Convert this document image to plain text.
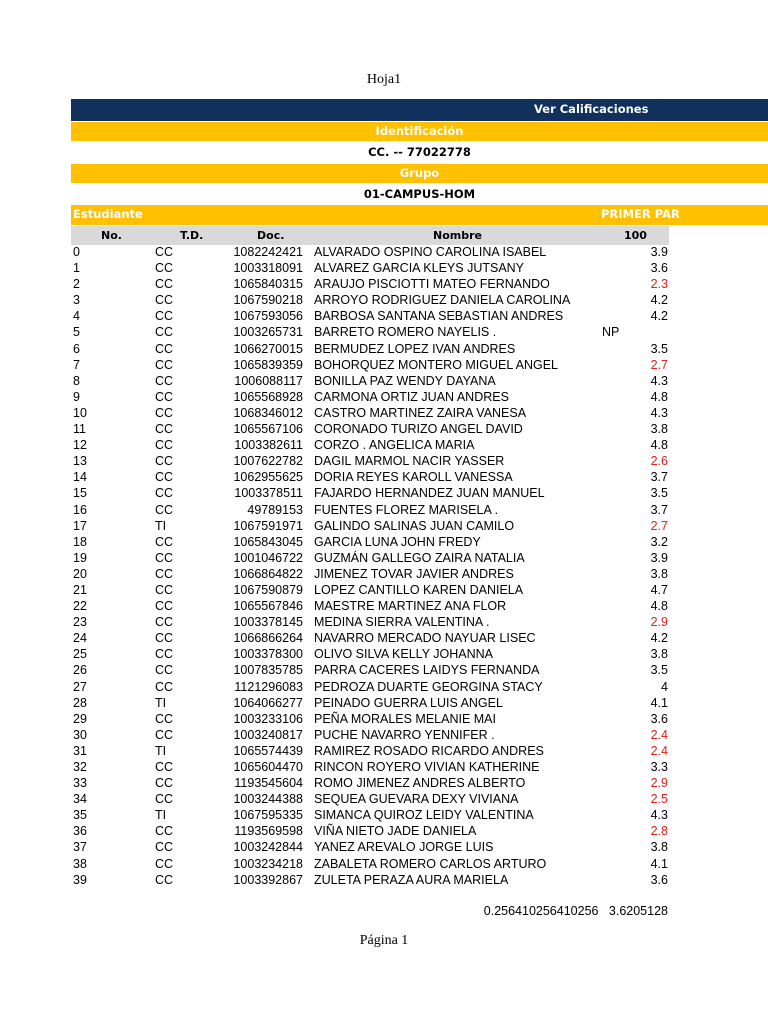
Hoja1
Ver Calificaciones
Identificación
CC. -- 77022778
Grupo
01-CAMPUS-HOM
Estudiante	PRIMER PAR
No.	T.D.	Doc.	Nombre	100
0	CC	1082242421 ALVARADO OSPINO CAROLINA ISABEL	3.9
1	CC	1003318091 ALVAREZ GARCIA KLEYS JUTSANY	3.6
2	CC	1065840315 ARAUJO PISCIOTTI MATEO FERNANDO	2.3
3	CC	1067590218 ARROYO RODRIGUEZ DANIELA CAROLINA	4.2
4	CC	1067593056 BARBOSA SANTANA SEBASTIAN ANDRES	4.2
5	CC	1003265731 BARRETO ROMERO NAYELIS .	NP
6	CC	1066270015 BERMUDEZ LOPEZ IVAN ANDRES	3.5
7	CC	1065839359 BOHORQUEZ MONTERO MIGUEL ANGEL	2.7
8	CC	1006088117 BONILLA PAZ WENDY DAYANA	4.3
9	CC	1065568928 CARMONA ORTIZ JUAN ANDRES	4.8
10	CC	1068346012 CASTRO MARTINEZ ZAIRA VANESA	4.3
11	CC	1065567106 CORONADO TURIZO ANGEL DAVID	3.8
12	CC	1003382611 CORZO . ANGELICA MARIA	4.8
13	CC	1007622782 DAGIL MARMOL NACIR YASSER	2.6
14	CC	1062955625 DORIA REYES KAROLL VANESSA	3.7
15	CC	1003378511 FAJARDO HERNANDEZ JUAN MANUEL	3.5
16	CC	49789153 FUENTES FLOREZ MARISELA .	3.7
17	TI	1067591971 GALINDO SALINAS JUAN CAMILO	2.7
18	CC	1065843045 GARCIA LUNA JOHN FREDY	3.2
19	CC	1001046722 GUZMÁN GALLEGO ZAIRA NATALIA	3.9
20	CC	1066864822 JIMENEZ TOVAR JAVIER ANDRES	3.8
21	CC	1067590879 LOPEZ CANTILLO KAREN DANIELA	4.7
22	CC	1065567846 MAESTRE MARTINEZ ANA FLOR	4.8
23	CC	1003378145 MEDINA SIERRA VALENTINA .	2.9
24	CC	1066866264 NAVARRO MERCADO NAYUAR LISEC	4.2
25	CC	1003378300 OLIVO SILVA KELLY JOHANNA	3.8
26	CC	1007835785 PARRA CACERES LAIDYS FERNANDA	3.5
27	CC	1121296083 PEDROZA DUARTE GEORGINA STACY	4
28	TI	1064066277 PEINADO GUERRA LUIS ANGEL	4.1
29	CC	1003233106 PEÑA MORALES MELANIE MAI	3.6
30	CC	1003240817 PUCHE NAVARRO YENNIFER .	2.4
31	TI	1065574439 RAMIREZ ROSADO RICARDO ANDRES	2.4
32	CC	1065604470 RINCON ROYERO VIVIAN KATHERINE	3.3
33	CC	1193545604 ROMO JIMENEZ ANDRES ALBERTO	2.9
34	CC	1003244388 SEQUEA GUEVARA DEXY VIVIANA	2.5
35	TI	1067595335 SIMANCA QUIROZ LEIDY VALENTINA	4.3
36	CC	1193569598 VIÑA NIETO JADE DANIELA	2.8
37	CC	1003242844 YANEZ AREVALO JORGE LUIS	3.8
38	CC	1003234218 ZABALETA ROMERO CARLOS ARTURO	4.1
39	CC	1003392867 ZULETA PERAZA AURA MARIELA	3.6
0.256410256410256 3.6205128
Página 1
